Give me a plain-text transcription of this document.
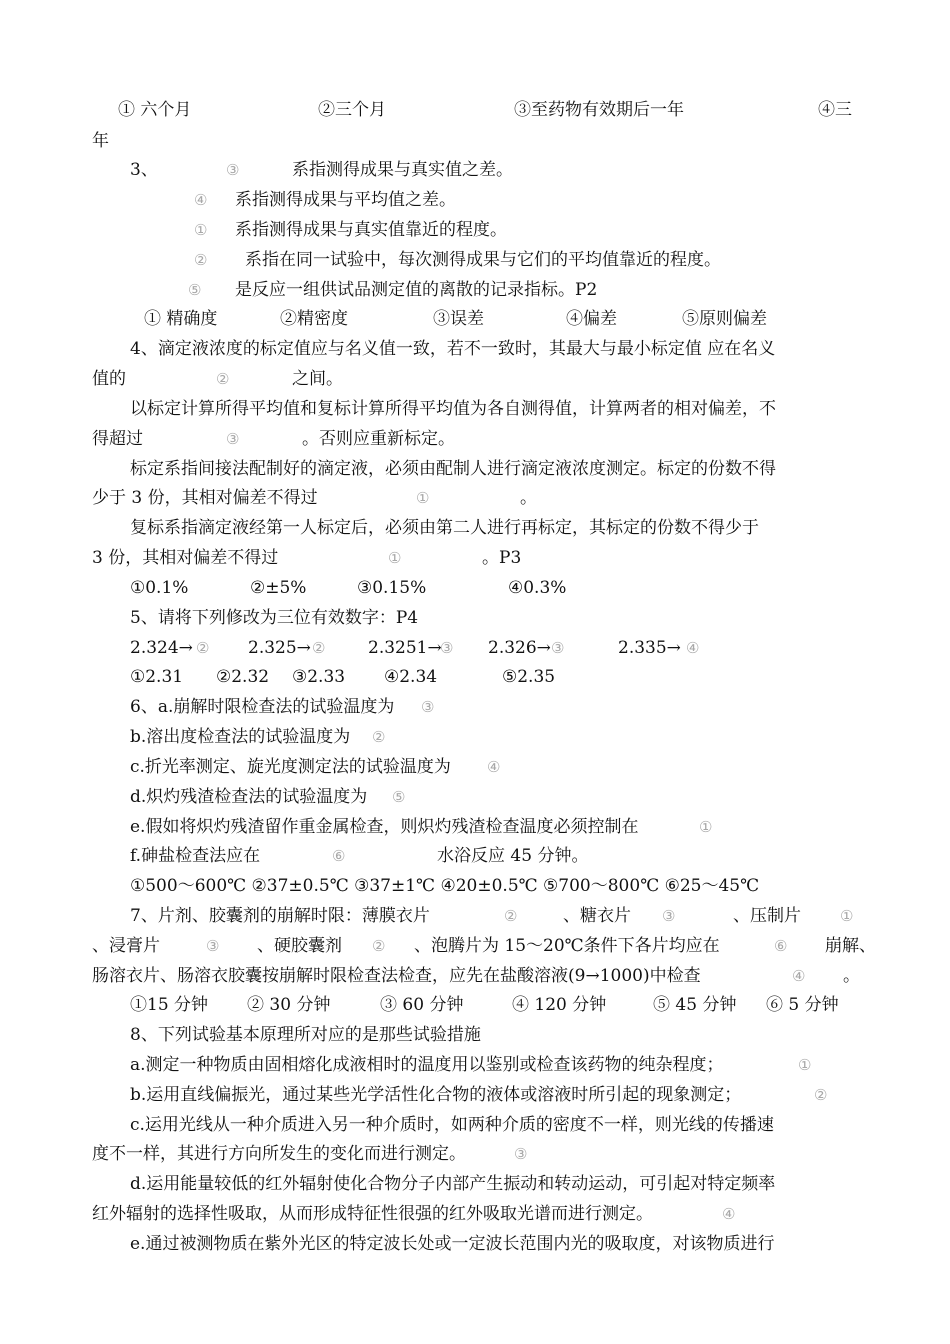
① 六个月	②三个月	③至药物有效期后一年	④三
年
3、	③	系指测得成果与真实值之差。
④ 系指测得成果与平均值之差。
① 系指测得成果与真实值靠近的程度。
② 系指在同一试验中，每次测得成果与它们的平均值靠近的程度。
⑤ 是反应一组供试品测定值的离散的记录指标。P2
① 精确度	②精密度	③误差	④偏差	⑤原则偏差
4、滴定液浓度的标定值应与名义值一致，若不一致时，其最大与最小标定值 应在名义
值的	②	之间。
以标定计算所得平均值和复标计算所得平均值为各自测得值，计算两者的相对偏差，不
得超过	③	。否则应重新标定。
标定系指间接法配制好的滴定液，必须由配制人进行滴定液浓度测定。标定的份数不得
少于 3 份，其相对偏差不得过	①	。
复标系指滴定液经第一人标定后，必须由第二人进行再标定，其标定的份数不得少于
3 份，其相对偏差不得过	①	。P3
①0.1%	②±5%	③0.15%	④0.3%
5、请将下列修改为三位有效数字：P4
2.324→ ② 2.325→ ②	2.3251→
③ 2.326→ ③	2.335→ ④
①2.31 ②2.32 ③2.33 ④2.34	⑤2.35
6、a.崩解时限检查法的试验温度为 ③
b.溶出度检查法的试验温度为 ②
c.折光率测定、旋光度测定法的试验温度为 ④
d.炽灼残渣检查法的试验温度为 ⑤
e.假如将炽灼残渣留作重金属检查，则炽灼残渣检查温度必须控制在	①
f.砷盐检查法应在	⑥	水浴反应 45 分钟。
①500～600℃ ②37±0.5℃ ③37±1℃ ④20±0.5℃ ⑤700～800℃ ⑥25～45℃
7、片剂、胶囊剂的崩解时限：薄膜衣片	②	、糖衣片 ③	、压制片	①
、浸膏片	③ 、硬胶囊剂 ② 、泡腾片为 15～20℃条件下各片均应在	⑥ 崩解、
肠溶衣片、肠溶衣胶囊按崩解时限检查法检查，应先在盐酸溶液(9→1000)中检查	④ 。
①15 分钟 ② 30 分钟	③ 60 分钟	④ 120 分钟	⑤ 45 分钟 ⑥ 5 分钟
8、下列试验基本原理所对应的是那些试验措施
a.测定一种物质由固相熔化成液相时的温度用以鉴别或检查该药物的纯杂程度；	①
b.运用直线偏振光，通过某些光学活性化合物的液体或溶液时所引起的现象测定；	②
c.运用光线从一种介质进入另一种介质时，如两种介质的密度不一样，则光线的传播速
度不一样，其进行方向所发生的变化而进行测定。	③
d.运用能量较低的红外辐射使化合物分子内部产生振动和转动运动，可引起对特定频率
红外辐射的选择性吸取，从而形成特征性很强的红外吸取光谱而进行测定。	④
e.通过被测物质在紫外光区的特定波长处或一定波长范围内光的吸取度，对该物质进行
